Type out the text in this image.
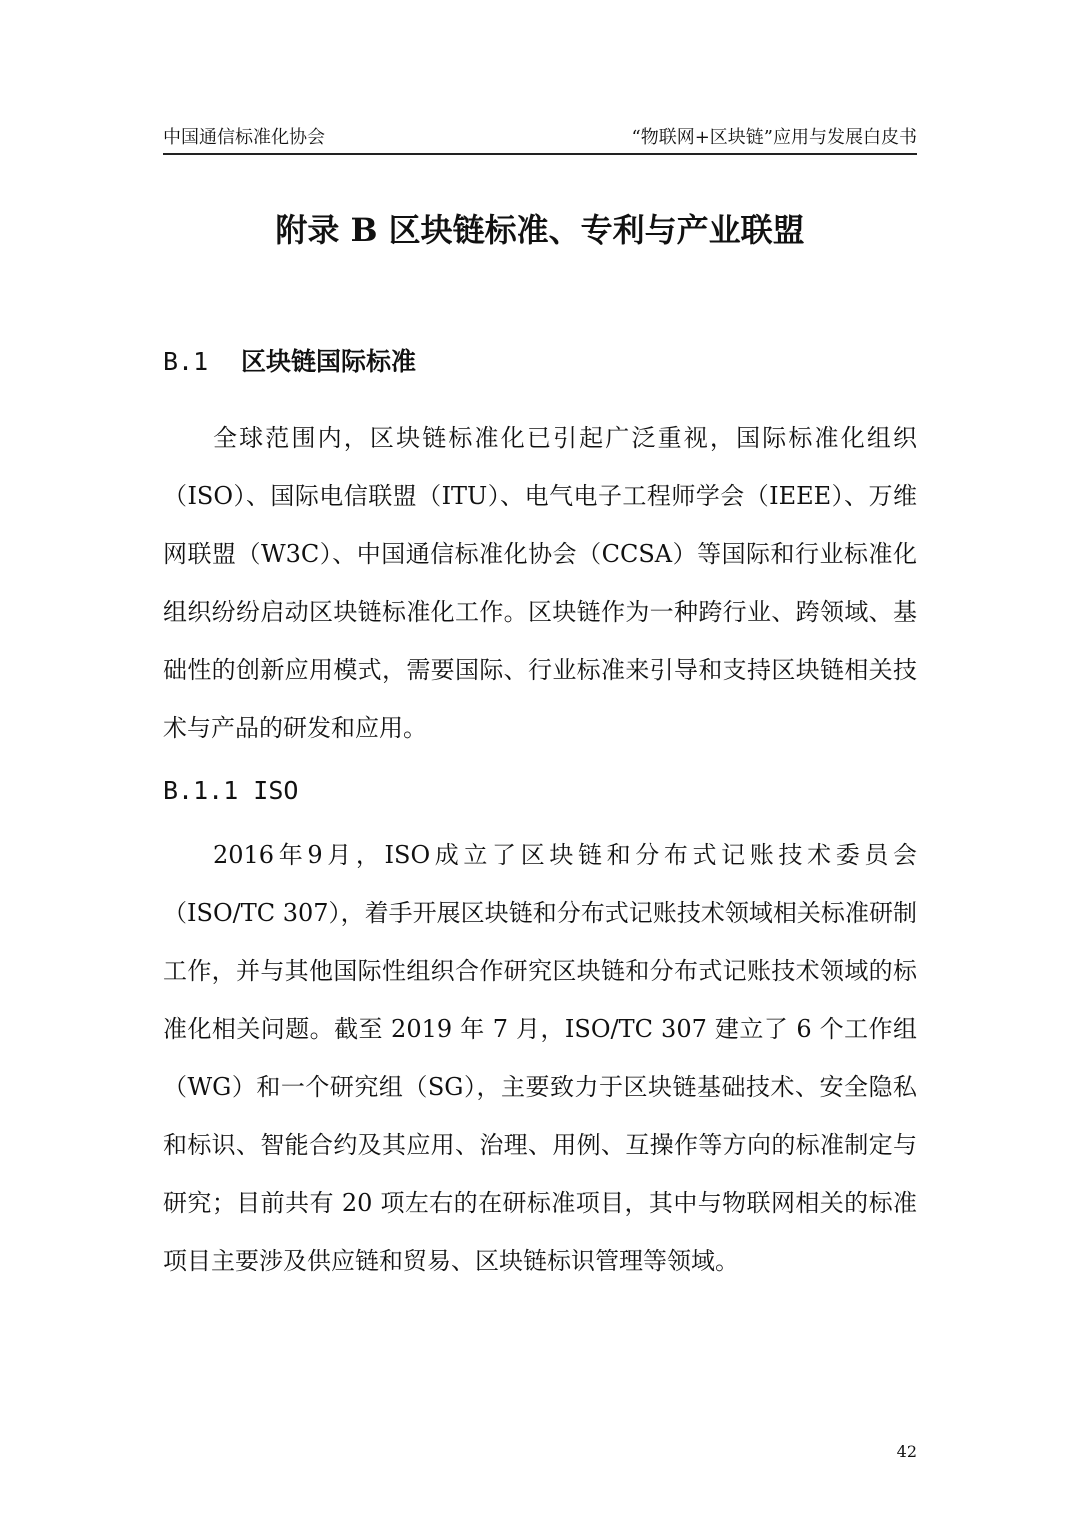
中国通信标准化协会	“物联网+区块链”应用与发展白皮书
附录 B 区块链标准、专利与产业联盟
B.1 区块链国际标准

全球范围内，区块链标准化已引起广泛重视，国际标准化组织（ISO）、国际电信联盟（ITU）、电气电子工程师学会（IEEE）、万维网联盟（W3C）、中国通信标准化协会（CCSA）等国际和行业标准化组织纷纷启动区块链标准化工作。区块链作为一种跨行业、跨领域、基础性的创新应用模式，需要国际、行业标准来引导和支持区块链相关技术与产品的研发和应用。

B.1.1 ISO

2016年9月，ISO成立了区块链和分布式记账技术委员会（ISO/TC 307），着手开展区块链和分布式记账技术领域相关标准研制工作，并与其他国际性组织合作研究区块链和分布式记账技术领域的标准化相关问题。截至 2019 年 7 月，ISO/TC 307 建立了 6 个工作组（WG）和一个研究组（SG），主要致力于区块链基础技术、安全隐私和标识、智能合约及其应用、治理、用例、互操作等方向的标准制定与研究；目前共有 20 项左右的在研标准项目，其中与物联网相关的标准项目主要涉及供应链和贸易、区块链标识管理等领域。

42
